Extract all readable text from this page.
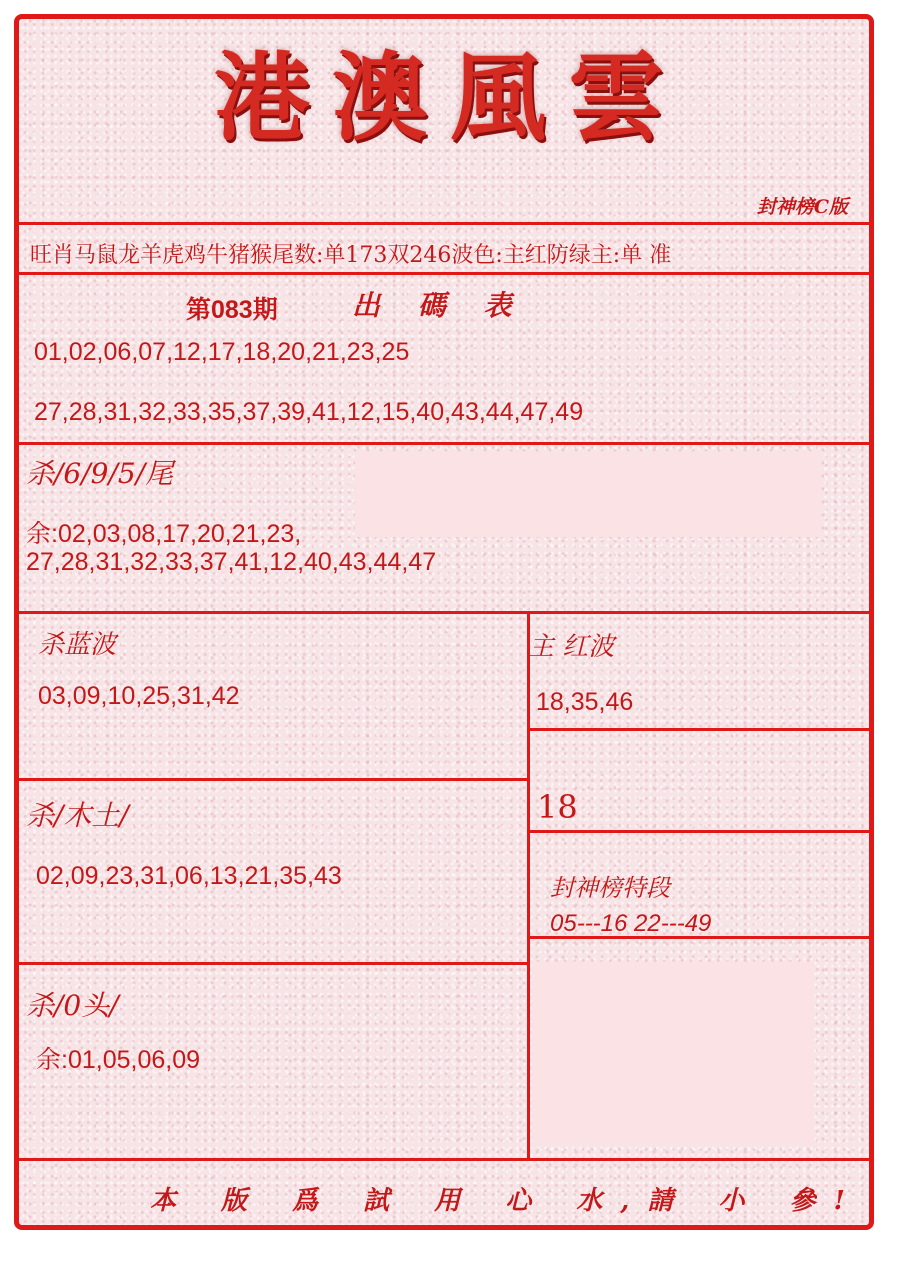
港澳風雲
封神榜C版
旺肖马鼠龙羊虎鸡牛猪猴尾数:单173双246波色:主红防绿主:单 准
第083期	出 碼 表
01,02,06,07,12,17,18,20,21,23,25
27,28,31,32,33,35,37,39,41,12,15,40,43,44,47,49
杀/6/9/5/尾
余:02,03,08,17,20,21,23,
27,28,31,32,33,37,41,12,40,43,44,47
杀蓝波
03,09,10,25,31,42
主 红波
18,35,46
杀/木土/
02,09,23,31,06,13,21,35,43
18
封神榜特段
05---16 22---49
杀/0头/
余:01,05,06,09
本 版 爲 試 用 心 水,請 小 參!
